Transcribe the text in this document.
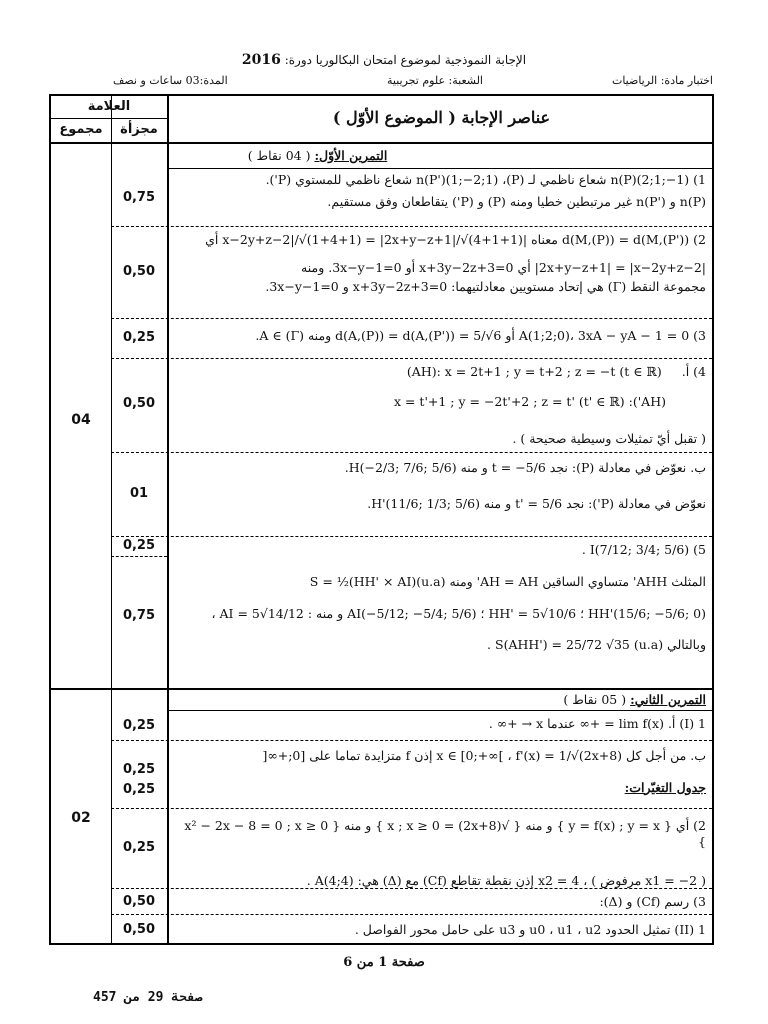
الإجابة النموذجية لموضوع امتحان البكالوريا دورة: 2016
اختبار مادة: الرياضيات
الشعبة: علوم تجريبية
المدة:03 ساعات و نصف
العلامة
مجزأة
مجموع
عناصر الإجابة ( الموضوع الأوّل )
التمرين الأوّل: ( 04 نقاط )
1) n(P)(2;1;−1) شعاع ناظمي لـ (P)، n(P')(1;−2;1) شعاع ناظمي للمستوي (P').
n(P) و n(P') غير مرتبطين خطيا ومنه (P) و (P') يتقاطعان وفق مستقيم.
0,75
2) d(M,(P)) = d(M,(P')) معناه |x−2y+z−2|/√(1+4+1) = |2x+y−z+1|/√(4+1+1) أي
|2x+y−z+1| = |x−2y+z−2| أي x+3y−2z+3=0 أو 3x−y−1=0. ومنه
مجموعة النقط (Γ) هي إتحاد مستويين معادلتيهما: x+3y−2z+3=0 و 3x−y−1=0.
0,50
3) A(1;2;0)، 3xA − yA − 1 = 0 أو d(A,(P)) = d(A,(P')) = 5/√6 ومنه A ∈ (Γ).
0,25
4) أ.
(AH): x = 2t+1 ; y = t+2 ; z = −t (t ∈ ℝ)
(AH'): x = t'+1 ; y = −2t'+2 ; z = t' (t' ∈ ℝ)
( تقبل أيّ تمثيلات وسيطية صحيحة ) .
0,50
ب. نعوّض في معادلة (P): نجد t = −5/6 و منه H(−2/3; 7/6; 5/6).
نعوّض في معادلة (P'): نجد t' = 5/6 و منه H'(11/6; 1/3; 5/6).
01
5) I(7/12; 3/4; 5/6) .
0,25
المثلث AHH' متساوي الساقين AH = AH' ومنه S = ½(HH' × AI)(u.a)
HH'(15/6; −5/6; 0) ؛ HH' = 5√10/6 ؛ AI(−5/12; −5/4; 5/6) و منه : AI = 5√14/12 ،
وبالتالي S(AHH') = 25/72 √35 (u.a) .
0,75
04
التمرين الثاني: ( 05 نقاط )
I) 1) أ. lim f(x) = +∞ عندما x → +∞ .
0,25
ب. من أجل كل x ∈ [0;+∞[ ، f'(x) = 1/√(2x+8) إذن f متزايدة تماما على [0;+∞[
جدول التغيّرات:
0,25
0,25
2) أي { y = f(x) ; y = x } و منه { √(2x+8) = x ; x ≥ 0 } و منه { x² − 2x − 8 = 0 ; x ≥ 0 }
( x1 = −2 مرفوض ) ، x2 = 4 إذن نقطة تقاطع (Cf) مع (Δ) هي: A(4;4) .
0,25
3) رسم (Cf) و (Δ):
0,50
II) 1) تمثيل الحدود u0 ، u1 ، u2 و u3 على حامل محور الفواصل .
0,50
02
صفحة 1 من 6
صفحة 29 من 457
